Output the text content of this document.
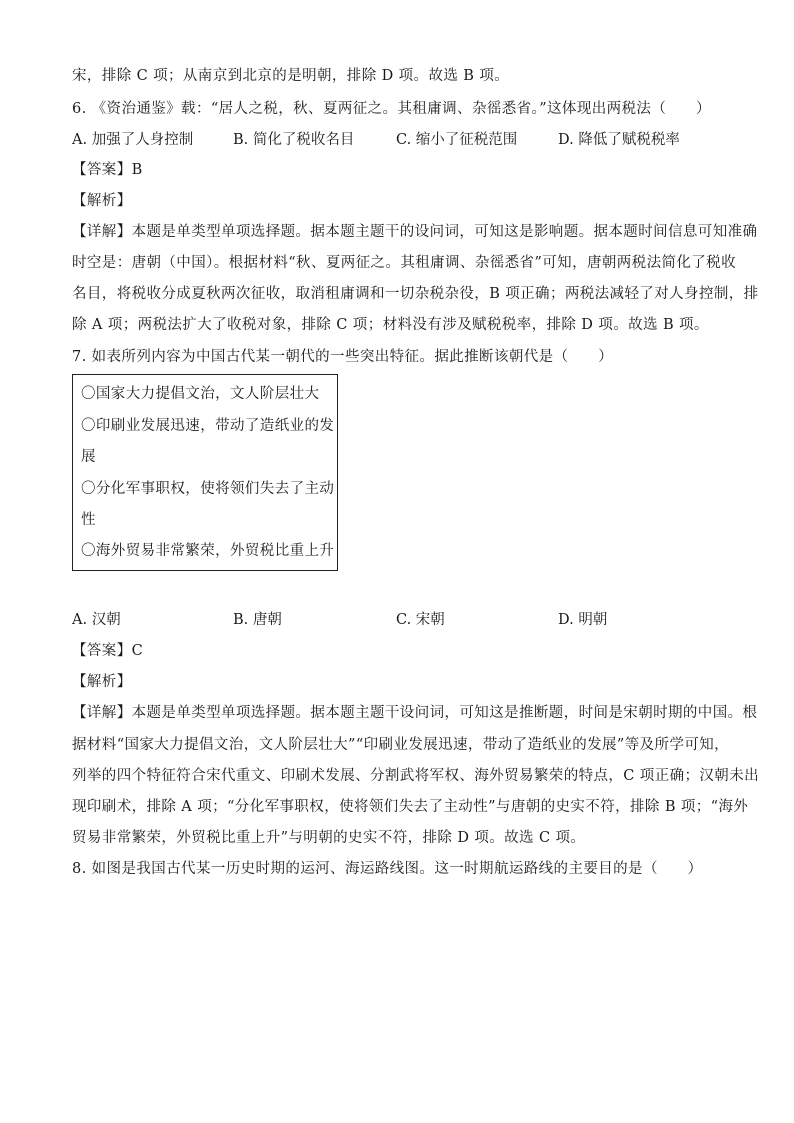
宋，排除 C 项；从南京到北京的是明朝，排除 D 项。故选 B 项。
6. 《资治通鉴》载：“居人之税，秋、夏两征之。其租庸调、杂徭悉省。”这体现出两税法（　　）
A. 加强了人身控制	B. 简化了税收名目	C. 缩小了征税范围	D. 降低了赋税税率
【答案】B
【解析】
【详解】本题是单类型单项选择题。据本题主题干的设问词，可知这是影响题。据本题时间信息可知准确
时空是：唐朝（中国）。根据材料“秋、夏两征之。其租庸调、杂徭悉省”可知，唐朝两税法简化了税收
名目，将税收分成夏秋两次征收，取消租庸调和一切杂税杂役，B 项正确；两税法减轻了对人身控制，排
除 A 项；两税法扩大了收税对象，排除 C 项；材料没有涉及赋税税率，排除 D 项。故选 B 项。
7. 如表所列内容为中国古代某一朝代的一些突出特征。据此推断该朝代是（　　）
〇国家大力提倡文治，文人阶层壮大
〇印刷业发展迅速，带动了造纸业的发
展
〇分化军事职权，使将领们失去了主动
性
〇海外贸易非常繁荣，外贸税比重上升
A. 汉朝	B. 唐朝	C. 宋朝	D. 明朝
【答案】C
【解析】
【详解】本题是单类型单项选择题。据本题主题干设问词，可知这是推断题，时间是宋朝时期的中国。根
据材料“国家大力提倡文治，文人阶层壮大”“印刷业发展迅速，带动了造纸业的发展”等及所学可知，
列举的四个特征符合宋代重文、印刷术发展、分割武将军权、海外贸易繁荣的特点，C 项正确；汉朝未出
现印刷术，排除 A 项；“分化军事职权，使将领们失去了主动性”与唐朝的史实不符，排除 B 项；“海外
贸易非常繁荣，外贸税比重上升”与明朝的史实不符，排除 D 项。故选 C 项。
8. 如图是我国古代某一历史时期的运河、海运路线图。这一时期航运路线的主要目的是（　　）
